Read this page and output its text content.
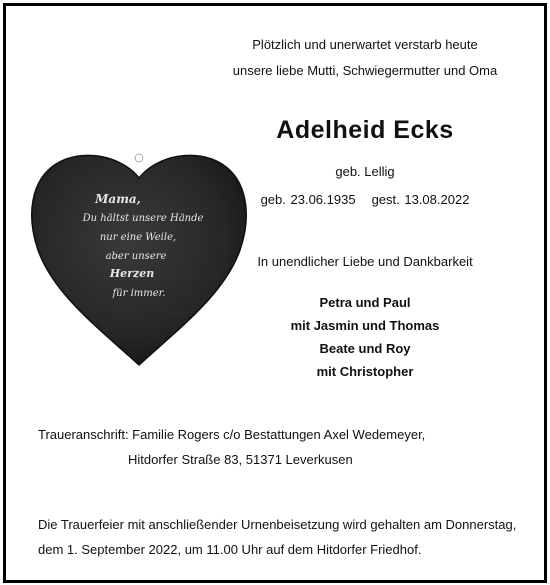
Plötzlich und unerwartet verstarb heute
unsere liebe Mutti, Schwiegermutter und Oma
Adelheid Ecks
geb. Lellig
geb. 23.06.1935 gest. 13.08.2022
In unendlicher Liebe und Dankbarkeit
Petra und Paul
mit Jasmin und Thomas
Beate und Roy
mit Christopher
Mama,
Du hältst unsere Hände
nur eine Weile,
aber unsere
Herzen
für immer.
Traueranschrift: Familie Rogers c/o Bestattungen Axel Wedemeyer,
Hitdorfer Straße 83, 51371 Leverkusen
Die Trauerfeier mit anschließender Urnenbeisetzung wird gehalten am Donnerstag,
dem 1. September 2022, um 11.00 Uhr auf dem Hitdorfer Friedhof.
